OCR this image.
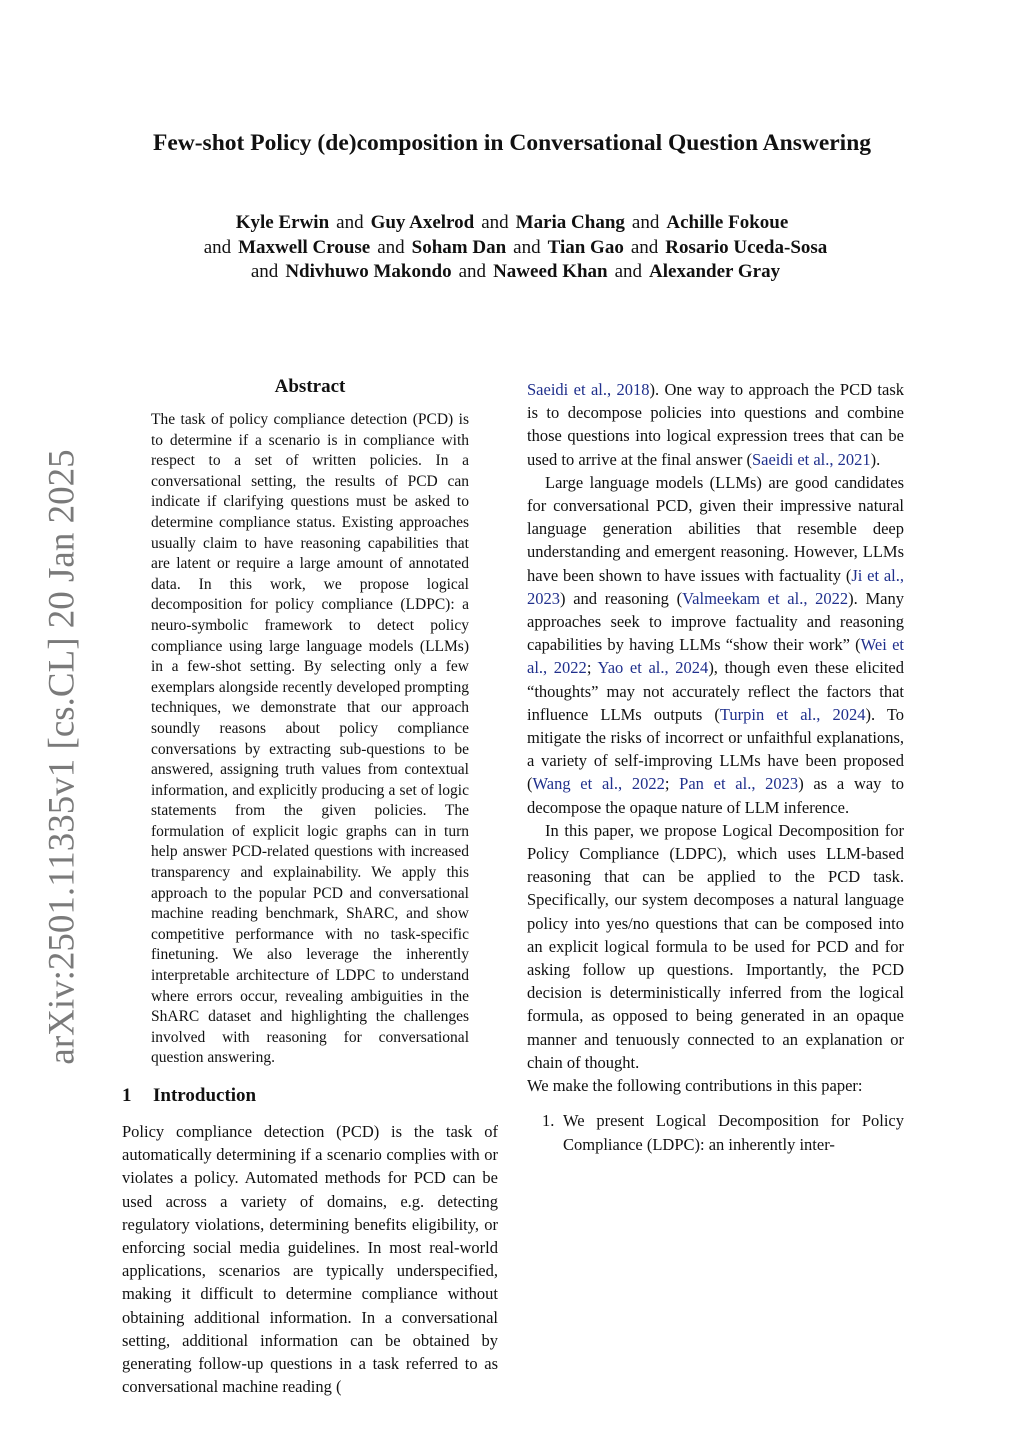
Few-shot Policy (de)composition in Conversational Question Answering
Kyle Erwin and Guy Axelrod and Maria Chang and Achille Fokoue
and Maxwell Crouse and Soham Dan and Tian Gao and Rosario Uceda-Sosa
and Ndivhuwo Makondo and Naweed Khan and Alexander Gray
arXiv:2501.11335v1 [cs.CL] 20 Jan 2025
Abstract

The task of policy compliance detection (PCD) is to determine if a scenario is in compliance with respect to a set of written policies. In a conversational setting, the results of PCD can indicate if clarifying questions must be asked to determine compliance status. Existing approaches usually claim to have reasoning capabilities that are latent or require a large amount of annotated data. In this work, we propose logical decomposition for policy compliance (LDPC): a neuro-symbolic framework to detect policy compliance using large language models (LLMs) in a few-shot setting. By selecting only a few exemplars alongside recently developed prompting techniques, we demonstrate that our approach soundly reasons about policy compliance conversations by extracting sub-questions to be answered, assigning truth values from contextual information, and explicitly producing a set of logic statements from the given policies. The formulation of explicit logic graphs can in turn help answer PCD-related questions with increased transparency and explainability. We apply this approach to the popular PCD and conversational machine reading benchmark, ShARC, and show competitive performance with no task-specific finetuning. We also leverage the inherently interpretable architecture of LDPC to understand where errors occur, revealing ambiguities in the ShARC dataset and highlighting the challenges involved with reasoning for conversational question answering.

1 Introduction

Policy compliance detection (PCD) is the task of automatically determining if a scenario complies with or violates a policy. Automated methods for PCD can be used across a variety of domains, e.g. detecting regulatory violations, determining benefits eligibility, or enforcing social media guidelines. In most real-world applications, scenarios are typically underspecified, making it difficult to determine compliance without obtaining additional information. In a conversational setting, additional information can be obtained by generating follow-up questions in a task referred to as conversational machine reading (

Saeidi et al., 2018). One way to approach the PCD task is to decompose policies into questions and combine those questions into logical expression trees that can be used to arrive at the final answer (Saeidi et al., 2021).

Large language models (LLMs) are good candidates for conversational PCD, given their impressive natural language generation abilities that resemble deep understanding and emergent reasoning. However, LLMs have been shown to have issues with factuality (Ji et al., 2023) and reasoning (Valmeekam et al., 2022). Many approaches seek to improve factuality and reasoning capabilities by having LLMs “show their work” (Wei et al., 2022; Yao et al., 2024), though even these elicited “thoughts” may not accurately reflect the factors that influence LLMs outputs (Turpin et al., 2024). To mitigate the risks of incorrect or unfaithful explanations, a variety of self-improving LLMs have been proposed (Wang et al., 2022; Pan et al., 2023) as a way to decompose the opaque nature of LLM inference.

In this paper, we propose Logical Decomposition for Policy Compliance (LDPC), which uses LLM-based reasoning that can be applied to the PCD task. Specifically, our system decomposes a natural language policy into yes/no questions that can be composed into an explicit logical formula to be used for PCD and for asking follow up questions. Importantly, the PCD decision is deterministically inferred from the logical formula, as opposed to being generated in an opaque manner and tenuously connected to an explanation or chain of thought.

We make the following contributions in this paper:

1. We present Logical Decomposition for Policy Compliance (LDPC): an inherently inter-
